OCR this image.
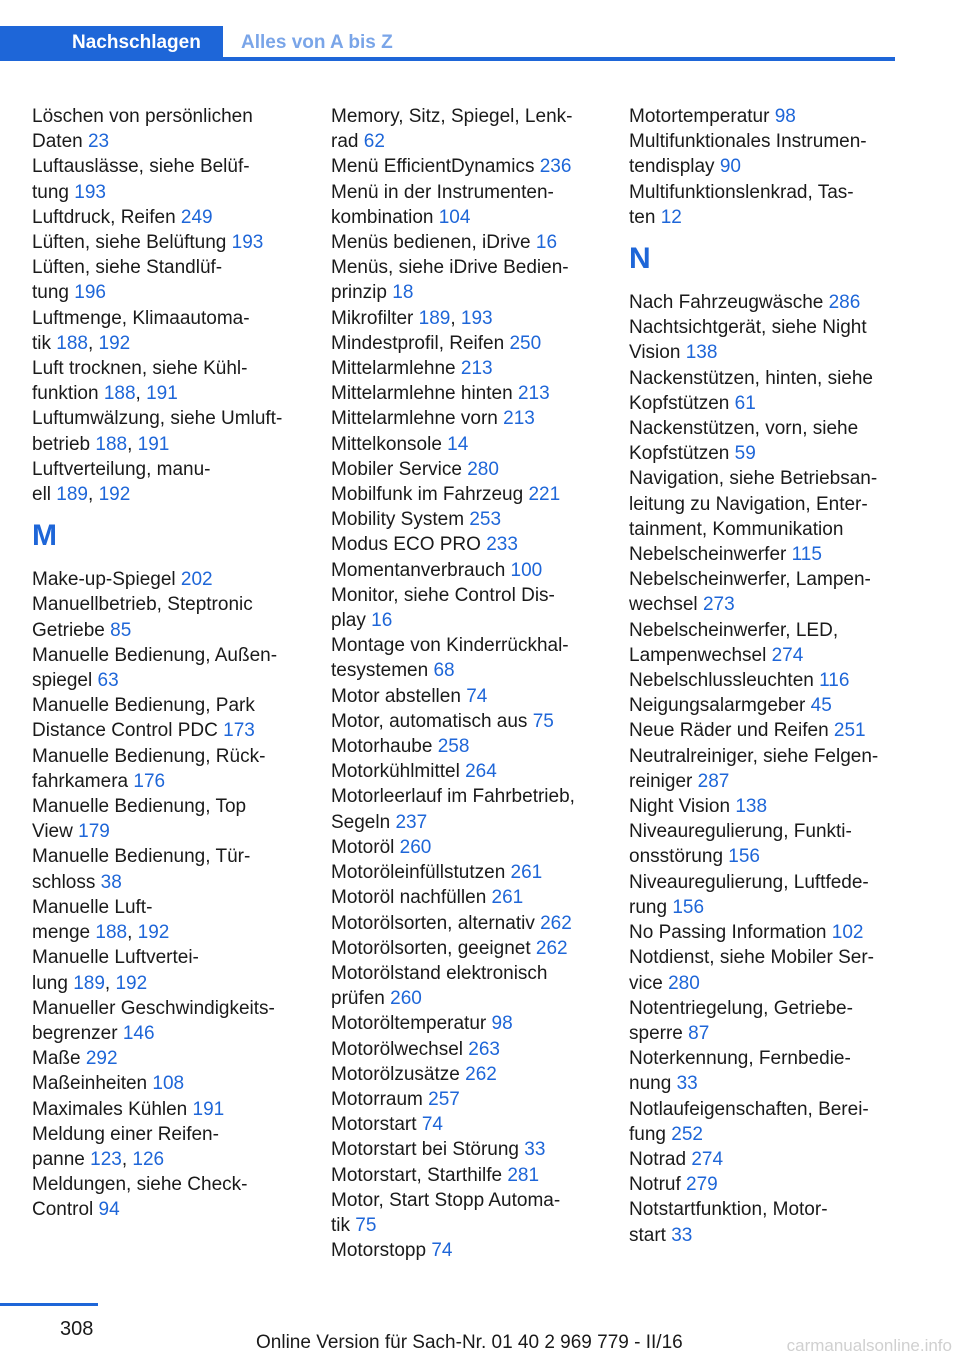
Nachschlagen	Alles von A bis Z
Löschen von persönlichen
Daten 23
Luftauslässe, siehe Belüf-
tung 193
Luftdruck, Reifen 249
Lüften, siehe Belüftung 193
Lüften, siehe Standlüf-
tung 196
Luftmenge, Klimaautoma-
tik 188, 192
Luft trocknen, siehe Kühl-
funktion 188, 191
Luftumwälzung, siehe Umluft-
betrieb 188, 191
Luftverteilung, manu-
ell 189, 192
M
Make-up-Spiegel 202
Manuellbetrieb, Steptronic
Getriebe 85
Manuelle Bedienung, Außen-
spiegel 63
Manuelle Bedienung, Park
Distance Control PDC 173
Manuelle Bedienung, Rück-
fahrkamera 176
Manuelle Bedienung, Top
View 179
Manuelle Bedienung, Tür-
schloss 38
Manuelle Luft-
menge 188, 192
Manuelle Luftvertei-
lung 189, 192
Manueller Geschwindigkeits-
begrenzer 146
Maße 292
Maßeinheiten 108
Maximales Kühlen 191
Meldung einer Reifen-
panne 123, 126
Meldungen, siehe Check-
Control 94
Memory, Sitz, Spiegel, Lenk-
rad 62
Menü EfficientDynamics 236
Menü in der Instrumenten-
kombination 104
Menüs bedienen, iDrive 16
Menüs, siehe iDrive Bedien-
prinzip 18
Mikrofilter 189, 193
Mindestprofil, Reifen 250
Mittelarmlehne 213
Mittelarmlehne hinten 213
Mittelarmlehne vorn 213
Mittelkonsole 14
Mobiler Service 280
Mobilfunk im Fahrzeug 221
Mobility System 253
Modus ECO PRO 233
Momentanverbrauch 100
Monitor, siehe Control Dis-
play 16
Montage von Kinderrückhal-
tesystemen 68
Motor abstellen 74
Motor, automatisch aus 75
Motorhaube 258
Motorkühlmittel 264
Motorleerlauf im Fahrbetrieb,
Segeln 237
Motoröl 260
Motoröleinfüllstutzen 261
Motoröl nachfüllen 261
Motorölsorten, alternativ 262
Motorölsorten, geeignet 262
Motorölstand elektronisch
prüfen 260
Motoröltemperatur 98
Motorölwechsel 263
Motorölzusätze 262
Motorraum 257
Motorstart 74
Motorstart bei Störung 33
Motorstart, Starthilfe 281
Motor, Start Stopp Automa-
tik 75
Motorstopp 74
Motortemperatur 98
Multifunktionales Instrumen-
tendisplay 90
Multifunktionslenkrad, Tas-
ten 12
N
Nach Fahrzeugwäsche 286
Nachtsichtgerät, siehe Night
Vision 138
Nackenstützen, hinten, siehe
Kopfstützen 61
Nackenstützen, vorn, siehe
Kopfstützen 59
Navigation, siehe Betriebsan-
leitung zu Navigation, Enter-
tainment, Kommunikation
Nebelscheinwerfer 115
Nebelscheinwerfer, Lampen-
wechsel 273
Nebelscheinwerfer, LED,
Lampenwechsel 274
Nebelschlussleuchten 116
Neigungsalarmgeber 45
Neue Räder und Reifen 251
Neutralreiniger, siehe Felgen-
reiniger 287
Night Vision 138
Niveauregulierung, Funkti-
onsstörung 156
Niveauregulierung, Luftfede-
rung 156
No Passing Information 102
Notdienst, siehe Mobiler Ser-
vice 280
Notentriegelung, Getriebe-
sperre 87
Noterkennung, Fernbedie-
nung 33
Notlaufeigenschaften, Berei-
fung 252
Notrad 274
Notruf 279
Notstartfunktion, Motor-
start 33
308
Online Version für Sach-Nr. 01 40 2 969 779 - II/16	carmanualsonline.info
